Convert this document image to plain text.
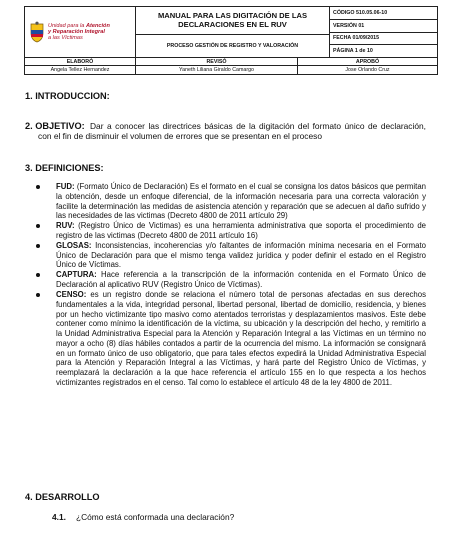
Unidad para la Atención
y Reparación Integral
a las Víctimas
MANUAL PARA LAS DIGITACIÓN DE LAS DECLARACIONES EN EL RUV
PROCESO GESTIÓN DE REGISTRO Y VALORACIÓN
CÓDIGO 510.05.06-10
VERSIÓN 01
FECHA 01/09/2015
PÁGINA 1 de 10
ELABORÓ	REVISÓ	APROBÓ
Angela Tellez Hernandez	Yaneth Liliana Giraldo Camargo	Jose Orlando Cruz
1. INTRODUCCION:
2. OBJETIVO: Dar a conocer las directrices básicas de la digitación del formato único de declaración, con el fin de disminuir el volumen de errores que se presentan en el proceso
3. DEFINICIONES:
FUD: (Formato Único de Declaración) Es el formato en el cual se consigna los datos básicos que permitan la obtención, desde un enfoque diferencial, de la información necesaria para una correcta valoración y facilite la determinación las medidas de asistencia atención y reparación que se adecuen al daño sufrido y las necesidades de las victimas (Decreto 4800 de 2011 artículo 29)
RUV: (Registro Único de Victimas) es una herramienta administrativa que soporta el procedimiento de registro de las victimas (Decreto 4800 de 2011 artículo 16)
GLOSAS: Inconsistencias, incoherencias y/o faltantes de información mínima necesaria en el Formato Único de Declaración para que el mismo tenga validez jurídica y poder definir el estado en el Registro Único de Víctimas.
CAPTURA: Hace referencia a la transcripción de la información contenida en el Formato Único de Declaración al aplicativo RUV (Registro Único de Víctimas).
CENSO: es un registro donde se relaciona el número total de personas afectadas en sus derechos fundamentales a la vida, integridad personal, libertad personal, libertad de domicilio, residencia, y bienes por un hecho victimizante tipo masivo como atentados terroristas y desplazamientos masivos. Este debe contener como mínimo la identificación de la víctima, su ubicación y la descripción del hecho, y remitirlo a la Unidad Administrativa Especial para la Atención y Reparación Integral a las Víctimas en un término no mayor a ocho (8) días hábiles contados a partir de la ocurrencia del mismo. La información se consignará en un formato único de uso obligatorio, que para tales efectos expedirá la Unidad Administrativa Especial para la Atención y Reparación Integral a las Víctimas, y hará parte del Registro Único de Víctimas, y reemplazará la declaración a la que hace referencia el artículo 155 en lo que respecta a los hechos victimizantes registrados en el censo. Tal como lo establece el artículo 48 de la ley 4800 de 2011.
4. DESARROLLO
4.1. ¿Cómo está conformada una declaración?
